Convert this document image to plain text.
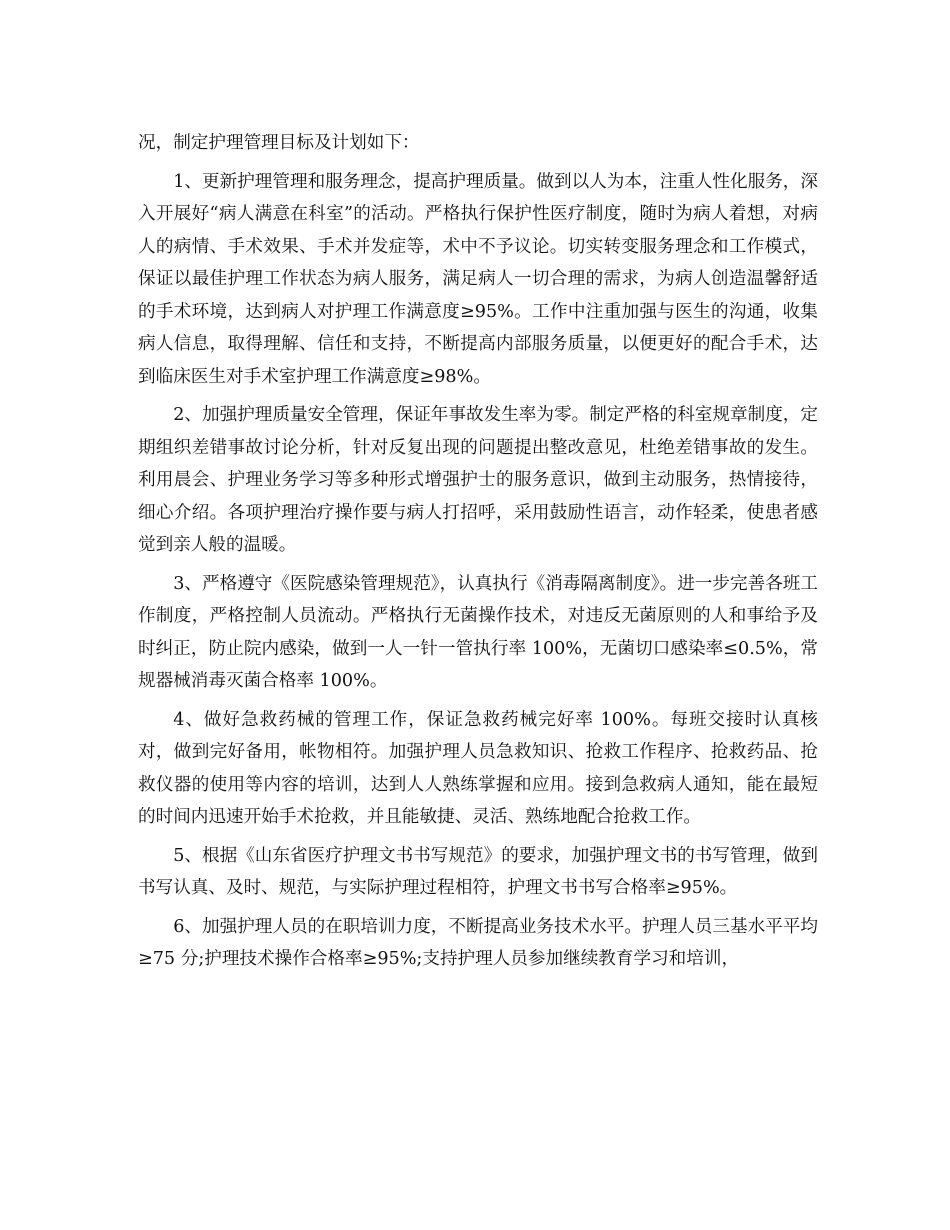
况，制定护理管理目标及计划如下：

1、更新护理管理和服务理念，提高护理质量。做到以人为本，注重人性化服务，深入开展好“病人满意在科室”的活动。严格执行保护性医疗制度，随时为病人着想，对病人的病情、手术效果、手术并发症等，术中不予议论。切实转变服务理念和工作模式，保证以最佳护理工作状态为病人服务，满足病人一切合理的需求，为病人创造温馨舒适的手术环境，达到病人对护理工作满意度≥95%。工作中注重加强与医生的沟通，收集病人信息，取得理解、信任和支持，不断提高内部服务质量，以便更好的配合手术，达到临床医生对手术室护理工作满意度≥98%。

2、加强护理质量安全管理，保证年事故发生率为零。制定严格的科室规章制度，定期组织差错事故讨论分析，针对反复出现的问题提出整改意见，杜绝差错事故的发生。利用晨会、护理业务学习等多种形式增强护士的服务意识，做到主动服务，热情接待，细心介绍。各项护理治疗操作要与病人打招呼，采用鼓励性语言，动作轻柔，使患者感觉到亲人般的温暖。

3、严格遵守《医院感染管理规范》，认真执行《消毒隔离制度》。进一步完善各班工作制度，严格控制人员流动。严格执行无菌操作技术，对违反无菌原则的人和事给予及时纠正，防止院内感染，做到一人一针一管执行率 100%，无菌切口感染率≤0.5%，常规器械消毒灭菌合格率 100%。

4、做好急救药械的管理工作，保证急救药械完好率 100%。每班交接时认真核对，做到完好备用，帐物相符。加强护理人员急救知识、抢救工作程序、抢救药品、抢救仪器的使用等内容的培训，达到人人熟练掌握和应用。接到急救病人通知，能在最短的时间内迅速开始手术抢救，并且能敏捷、灵活、熟练地配合抢救工作。

5、根据《山东省医疗护理文书书写规范》的要求，加强护理文书的书写管理，做到书写认真、及时、规范，与实际护理过程相符，护理文书书写合格率≥95%。

6、加强护理人员的在职培训力度，不断提高业务技术水平。护理人员三基水平平均≥75 分;护理技术操作合格率≥95%;支持护理人员参加继续教育学习和培训，
